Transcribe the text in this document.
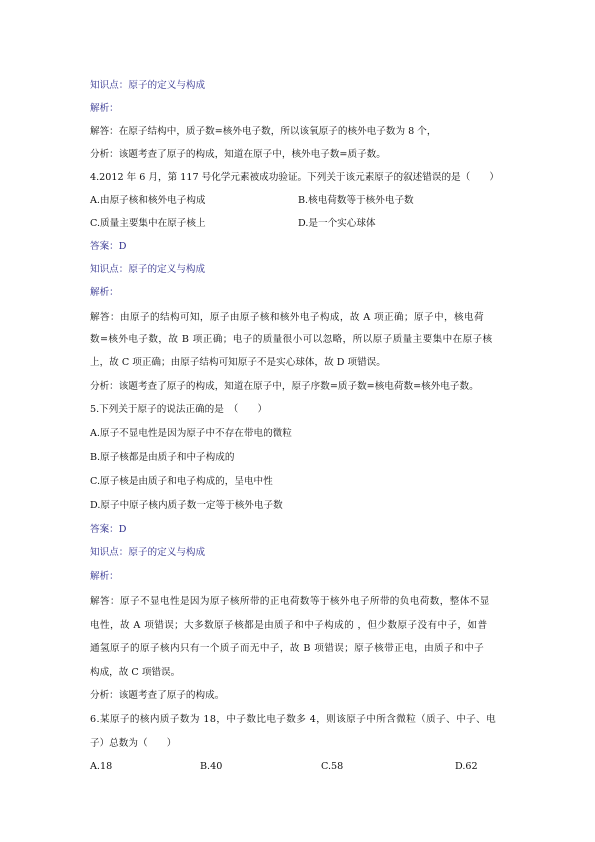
知识点：原子的定义与构成
解析：
解答：在原子结构中，质子数=核外电子数，所以该氧原子的核外电子数为 8 个，
分析：该题考查了原子的构成，知道在原子中，核外电子数=质子数。
4.2012 年 6 月，第 117 号化学元素被成功验证。下列关于该元素原子的叙述错误的是（　　）
A.由原子核和核外电子构成	B.核电荷数等于核外电子数
C.质量主要集中在原子核上	D.是一个实心球体
答案：D
知识点：原子的定义与构成
解析：
解答：由原子的结构可知，原子由原子核和核外电子构成，故 A 项正确；原子中，核电荷
数=核外电子数，故 B 项正确；电子的质量很小可以忽略，所以原子质量主要集中在原子核
上，故 C 项正确；由原子结构可知原子不是实心球体，故 D 项错误。
分析：该题考查了原子的构成，知道在原子中，原子序数=质子数=核电荷数=核外电子数。
5.下列关于原子的说法正确的是　（　　）
A.原子不显电性是因为原子中不存在带电的微粒
B.原子核都是由质子和中子构成的
C.原子核是由质子和电子构成的，呈电中性
D.原子中原子核内质子数一定等于核外电子数
答案：D
知识点：原子的定义与构成
解析：
解答：原子不显电性是因为原子核所带的正电荷数等于核外电子所带的负电荷数，整体不显
电性，故 A 项错误；大多数原子核都是由质子和中子构成的 ，但少数原子没有中子，如普
通氢原子的原子核内只有一个质子而无中子，故 B 项错误；原子核带正电，由质子和中子
构成，故 C 项错误。
分析：该题考查了原子的构成。
6.某原子的核内质子数为 18，中子数比电子数多 4，则该原子中所含微粒（质子、中子、电
子）总数为（　　）
A.18	B.40	C.58	D.62
